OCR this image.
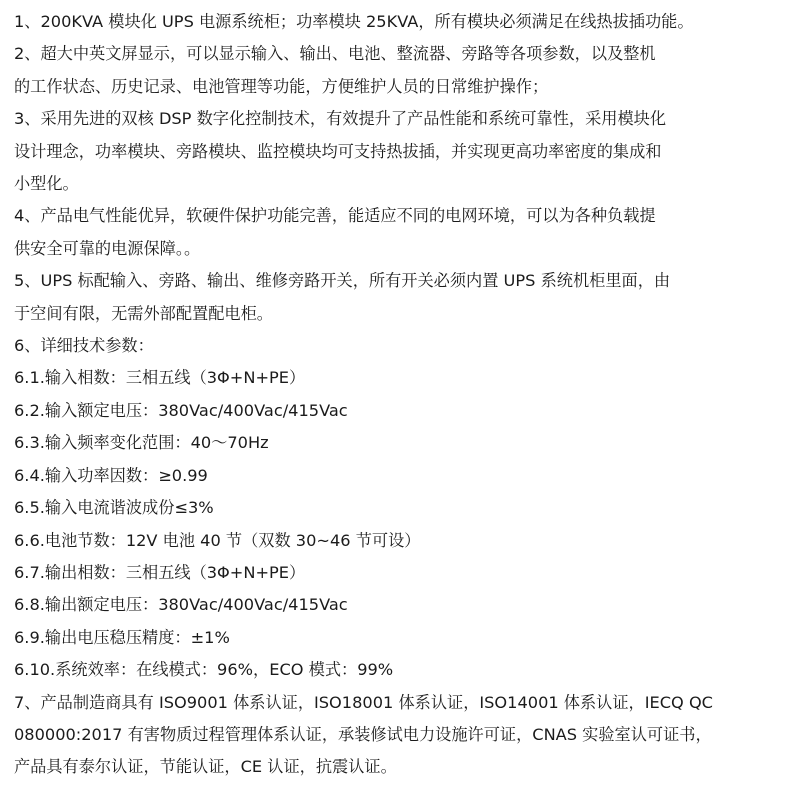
1、200KVA 模块化 UPS 电源系统柜；功率模块 25KVA，所有模块必须满足在线热拔插功能。

2、超大中英文屏显示，可以显示输入、输出、电池、整流器、旁路等各项参数，以及整机

的工作状态、历史记录、电池管理等功能，方便维护人员的日常维护操作；

3、采用先进的双核 DSP 数字化控制技术，有效提升了产品性能和系统可靠性，采用模块化

设计理念，功率模块、旁路模块、监控模块均可支持热拔插，并实现更高功率密度的集成和

小型化。

4、产品电气性能优异，软硬件保护功能完善，能适应不同的电网环境，可以为各种负载提

供安全可靠的电源保障。。

5、UPS 标配输入、旁路、输出、维修旁路开关，所有开关必须内置 UPS 系统机柜里面，由

于空间有限，无需外部配置配电柜。

6、详细技术参数：

6.1.输入相数：三相五线（3Φ+N+PE）

6.2.输入额定电压：380Vac/400Vac/415Vac

6.3.输入频率变化范围：40～70Hz

6.4.输入功率因数：≥0.99

6.5.输入电流谐波成份≤3%

6.6.电池节数：12V 电池 40 节（双数 30~46 节可设）

6.7.输出相数：三相五线（3Φ+N+PE）

6.8.输出额定电压：380Vac/400Vac/415Vac

6.9.输出电压稳压精度：±1%

6.10.系统效率：在线模式：96%，ECO 模式：99%

7、产品制造商具有 ISO9001 体系认证，ISO18001 体系认证，ISO14001 体系认证，IECQ QC

080000:2017 有害物质过程管理体系认证，承装修试电力设施许可证，CNAS 实验室认可证书，

产品具有泰尔认证，节能认证，CE 认证，抗震认证。
